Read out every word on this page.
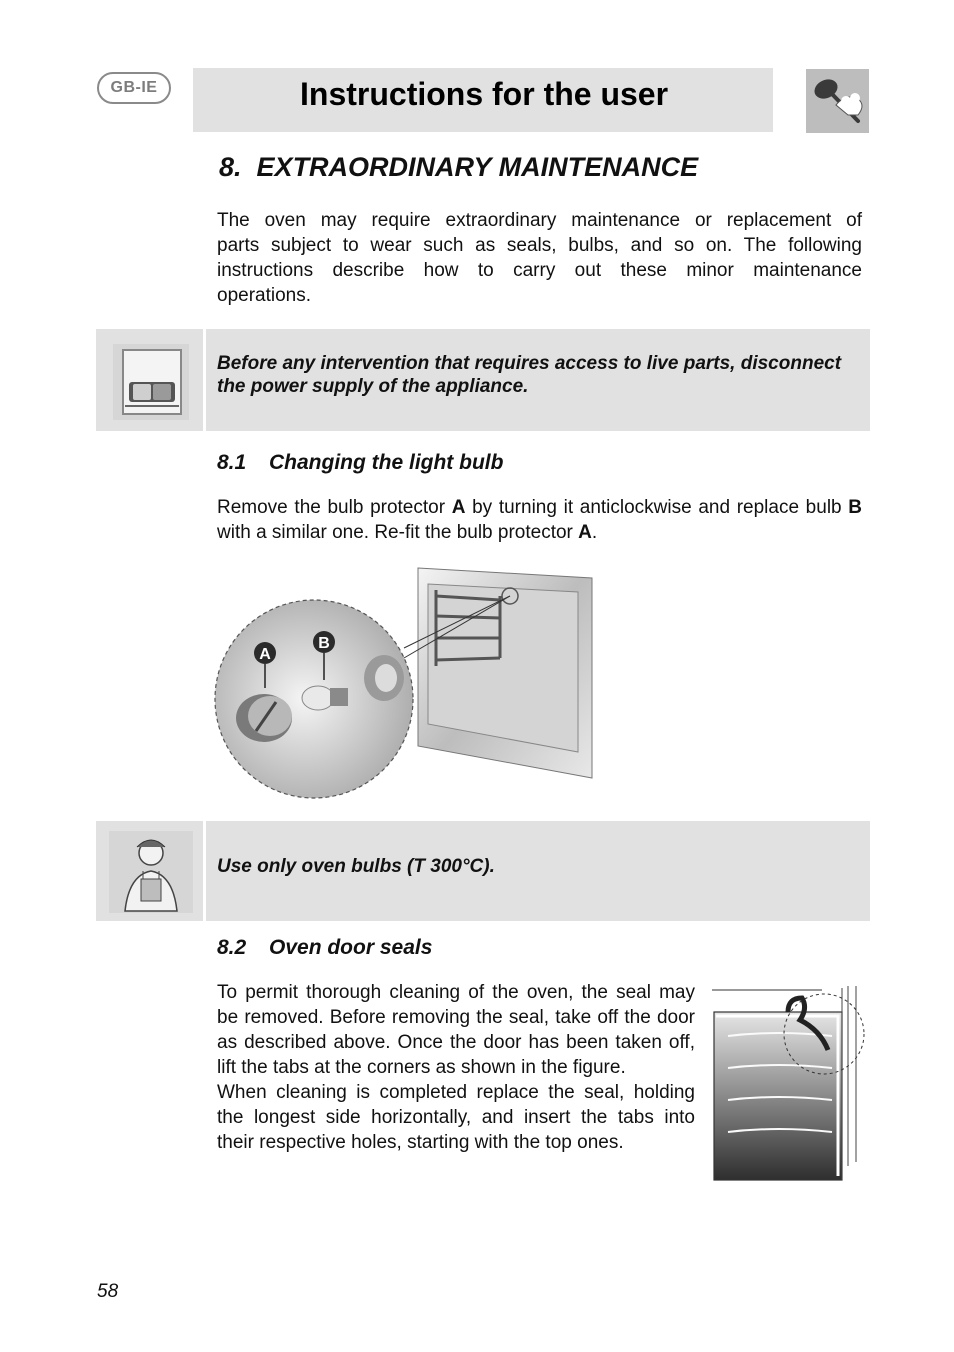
GB-IE	Instructions for the user
8. EXTRAORDINARY MAINTENANCE
The oven may require extraordinary maintenance or replacement of
parts subject to wear such as seals, bulbs, and so on. The following
instructions describe how to carry out these minor maintenance
operations.
Before any intervention that requires access to live parts, disconnect the power supply of the appliance.
8.1 Changing the light bulb
Remove the bulb protector A by turning it anticlockwise and replace bulb B with a similar one. Re-fit the bulb protector A.
A
B
Use only oven bulbs (T 300°C).
8.2 Oven door seals

To permit thorough cleaning of the oven, the seal may be removed. Before removing the seal, take off the door as described above. Once the door has been taken off, lift the tabs at the corners as shown in the figure.

When cleaning is completed replace the seal, holding the longest side horizontally, and insert the tabs into their respective holes, starting with the top ones.

58
